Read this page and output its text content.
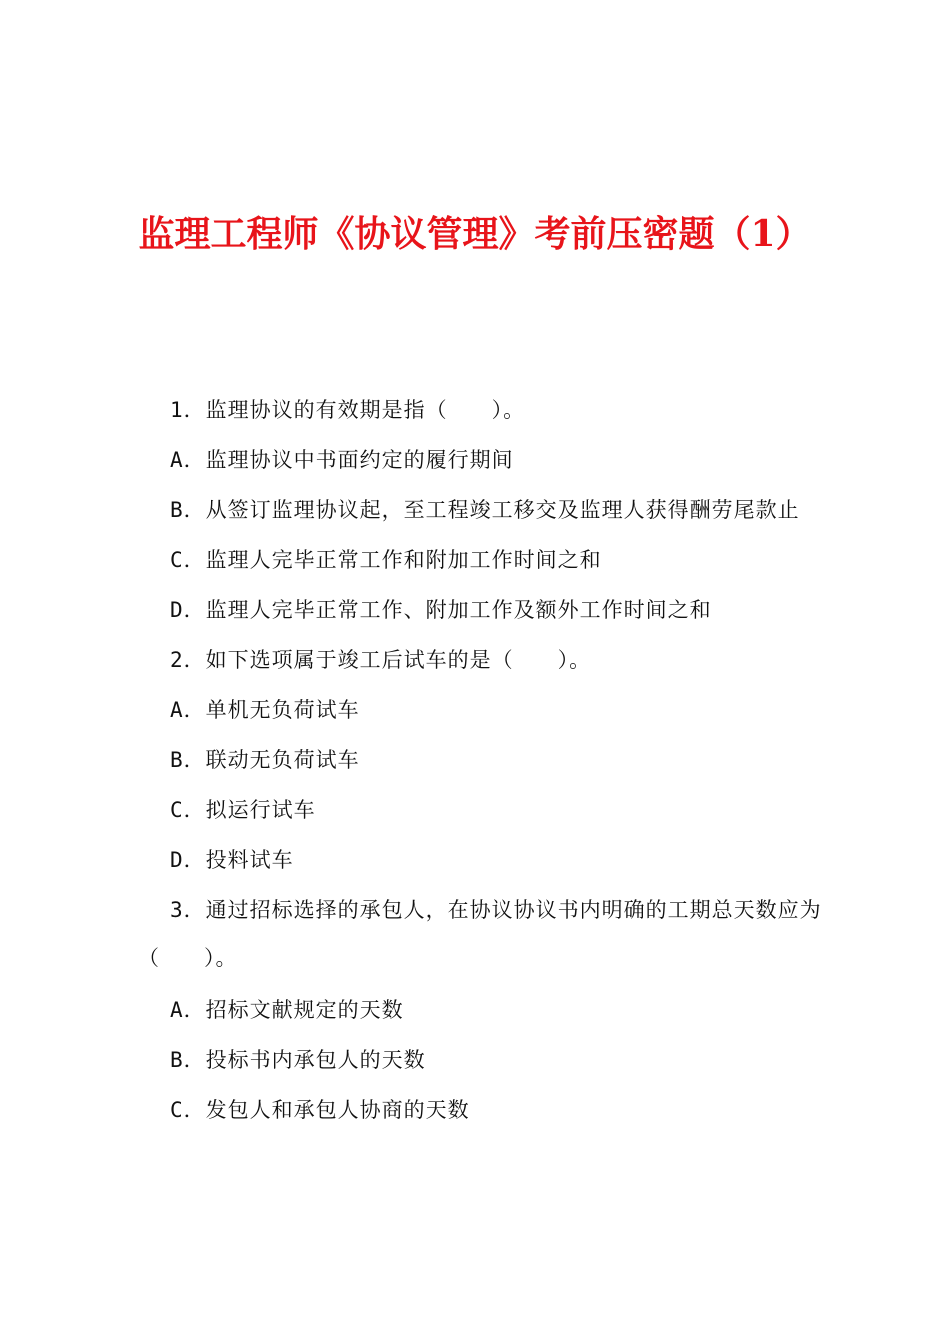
监理工程师《协议管理》考前压密题（1）
1．监理协议的有效期是指（　　）。
A．监理协议中书面约定的履行期间
B．从签订监理协议起，至工程竣工移交及监理人获得酬劳尾款止
C．监理人完毕正常工作和附加工作时间之和
D．监理人完毕正常工作、附加工作及额外工作时间之和
2．如下选项属于竣工后试车的是（　　）。
A．单机无负荷试车
B．联动无负荷试车
C．拟运行试车
D．投料试车
3．通过招标选择的承包人，在协议协议书内明确的工期总天数应为
（　　）。
A．招标文献规定的天数
B．投标书内承包人的天数
C．发包人和承包人协商的天数
